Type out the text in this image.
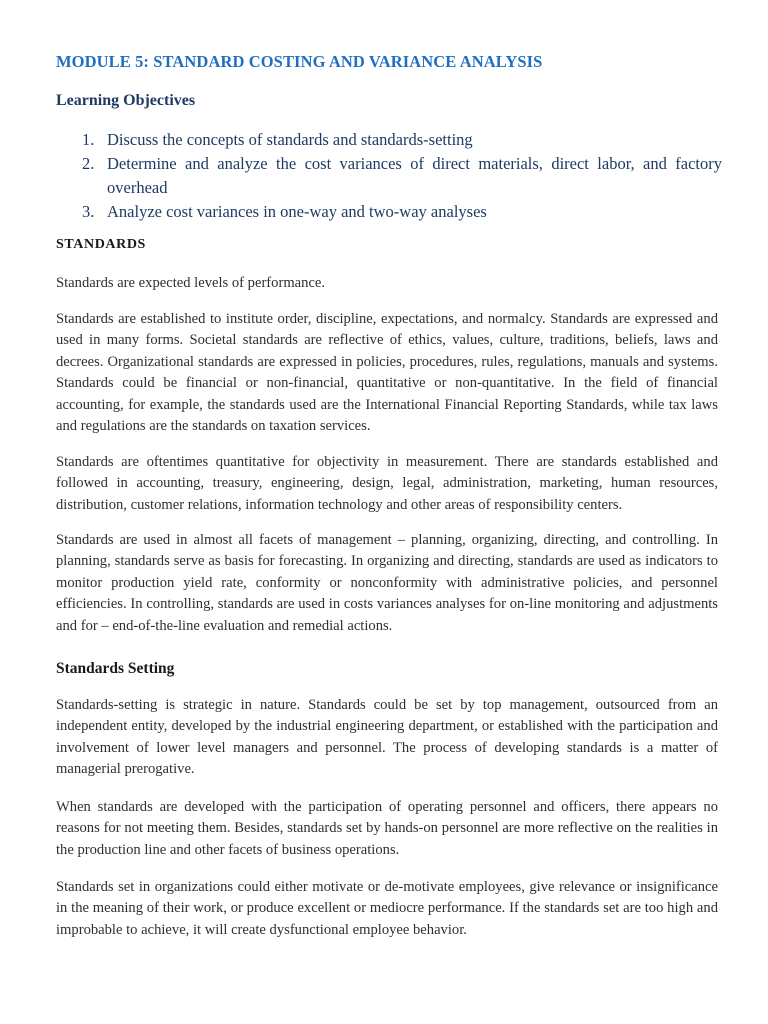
MODULE 5: STANDARD COSTING AND VARIANCE ANALYSIS
Learning Objectives
1. Discuss the concepts of standards and standards-setting
2. Determine and analyze the cost variances of direct materials, direct labor, and factory overhead
3. Analyze cost variances in one-way and two-way analyses
STANDARDS

Standards are expected levels of performance.

Standards are established to institute order, discipline, expectations, and normalcy. Standards are expressed and used in many forms. Societal standards are reflective of ethics, values, culture, traditions, beliefs, laws and decrees. Organizational standards are expressed in policies, procedures, rules, regulations, manuals and systems. Standards could be financial or non-financial, quantitative or non-quantitative. In the field of financial accounting, for example, the standards used are the International Financial Reporting Standards, while tax laws and regulations are the standards on taxation services.

Standards are oftentimes quantitative for objectivity in measurement. There are standards established and followed in accounting, treasury, engineering, design, legal, administration, marketing, human resources, distribution, customer relations, information technology and other areas of responsibility centers.

Standards are used in almost all facets of management – planning, organizing, directing, and controlling. In planning, standards serve as basis for forecasting. In organizing and directing, standards are used as indicators to monitor production yield rate, conformity or nonconformity with administrative policies, and personnel efficiencies. In controlling, standards are used in costs variances analyses for on-line monitoring and adjustments and for – end-of-the-line evaluation and remedial actions.

Standards Setting

Standards-setting is strategic in nature. Standards could be set by top management, outsourced from an independent entity, developed by the industrial engineering department, or established with the participation and involvement of lower level managers and personnel. The process of developing standards is a matter of managerial prerogative.

When standards are developed with the participation of operating personnel and officers, there appears no reasons for not meeting them. Besides, standards set by hands-on personnel are more reflective on the realities in the production line and other facets of business operations.

Standards set in organizations could either motivate or de-motivate employees, give relevance or insignificance in the meaning of their work, or produce excellent or mediocre performance. If the standards set are too high and improbable to achieve, it will create dysfunctional employee behavior.
